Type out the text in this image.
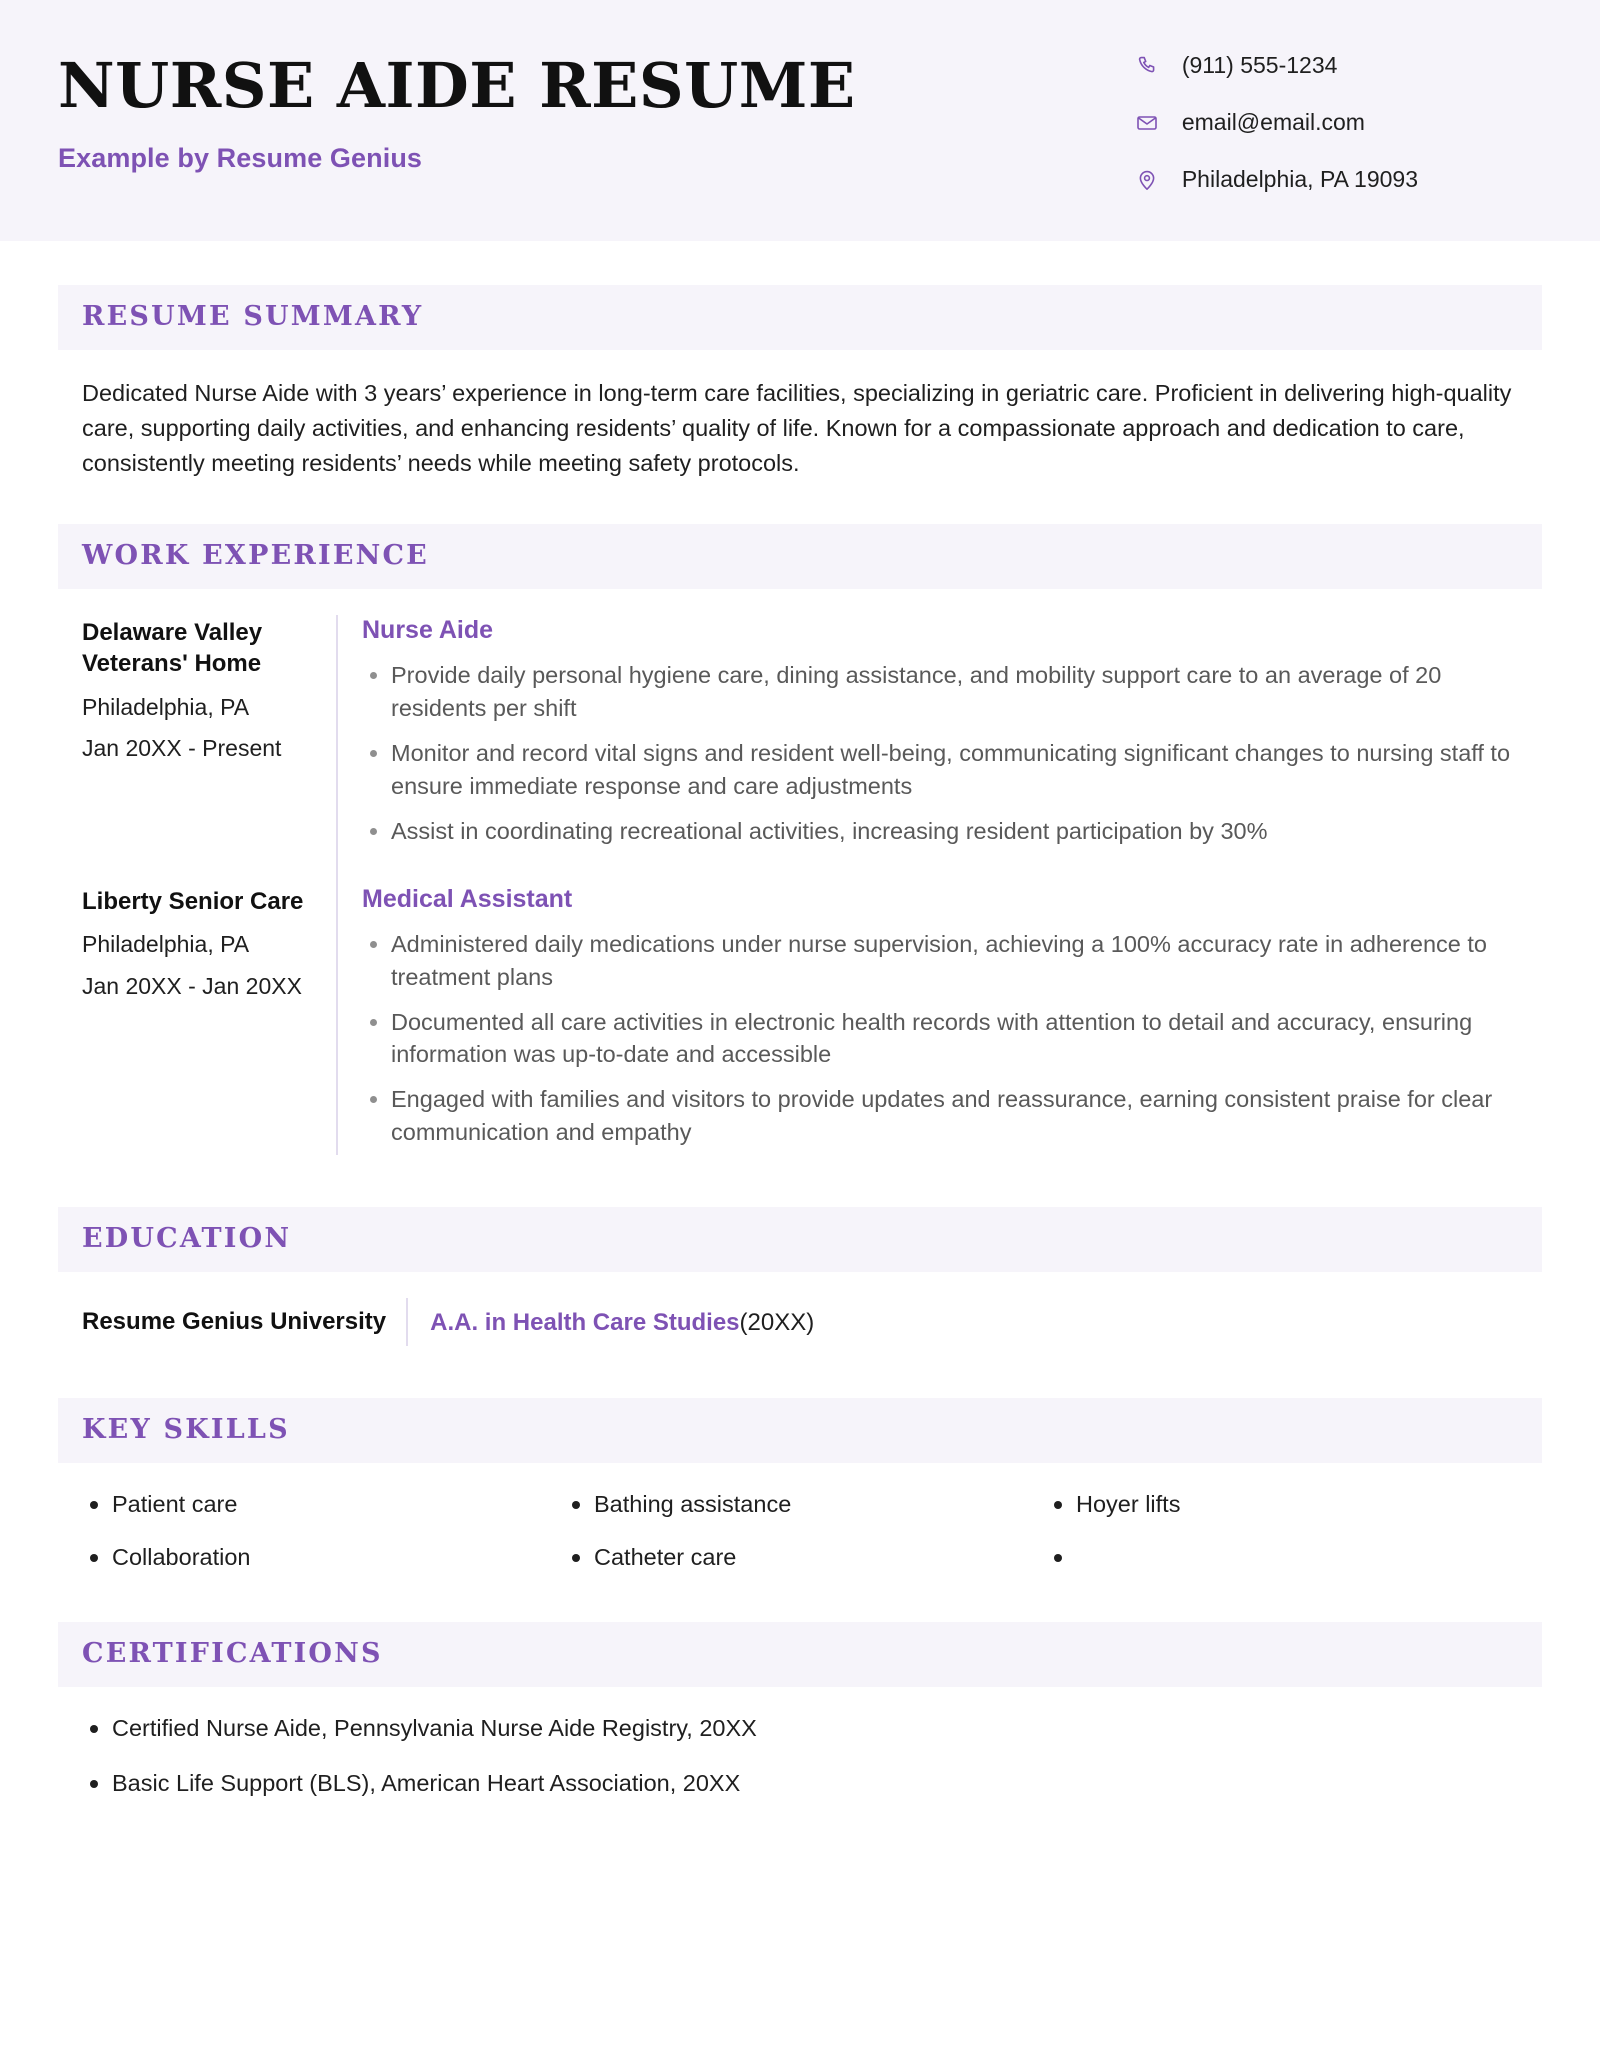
NURSE AIDE RESUME
Example by Resume Genius
(911) 555-1234
email@email.com
Philadelphia, PA 19093
RESUME SUMMARY

Dedicated Nurse Aide with 3 years’ experience in long-term care facilities, specializing in geriatric care. Proficient in delivering high-quality care, supporting daily activities, and enhancing residents’ quality of life. Known for a compassionate approach and dedication to care, consistently meeting residents’ needs while meeting safety protocols.

WORK EXPERIENCE
Delaware Valley Veterans' Home
Philadelphia, PA
Jan 20XX - Present
Nurse Aide
Provide daily personal hygiene care, dining assistance, and mobility support care to an average of 20 residents per shift
Monitor and record vital signs and resident well-being, communicating significant changes to nursing staff to ensure immediate response and care adjustments
Assist in coordinating recreational activities, increasing resident participation by 30%
Liberty Senior Care
Philadelphia, PA
Jan 20XX - Jan 20XX
Medical Assistant
Administered daily medications under nurse supervision, achieving a 100% accuracy rate in adherence to treatment plans
Documented all care activities in electronic health records with attention to detail and accuracy, ensuring information was up-to-date and accessible
Engaged with families and visitors to provide updates and reassurance, earning consistent praise for clear communication and empathy
EDUCATION
Resume Genius University	A.A. in Health Care Studies(20XX)
KEY SKILLS
Patient care	Bathing assistance	Hoyer lifts
Collaboration	Catheter care
CERTIFICATIONS
Certified Nurse Aide, Pennsylvania Nurse Aide Registry, 20XX
Basic Life Support (BLS), American Heart Association, 20XX
